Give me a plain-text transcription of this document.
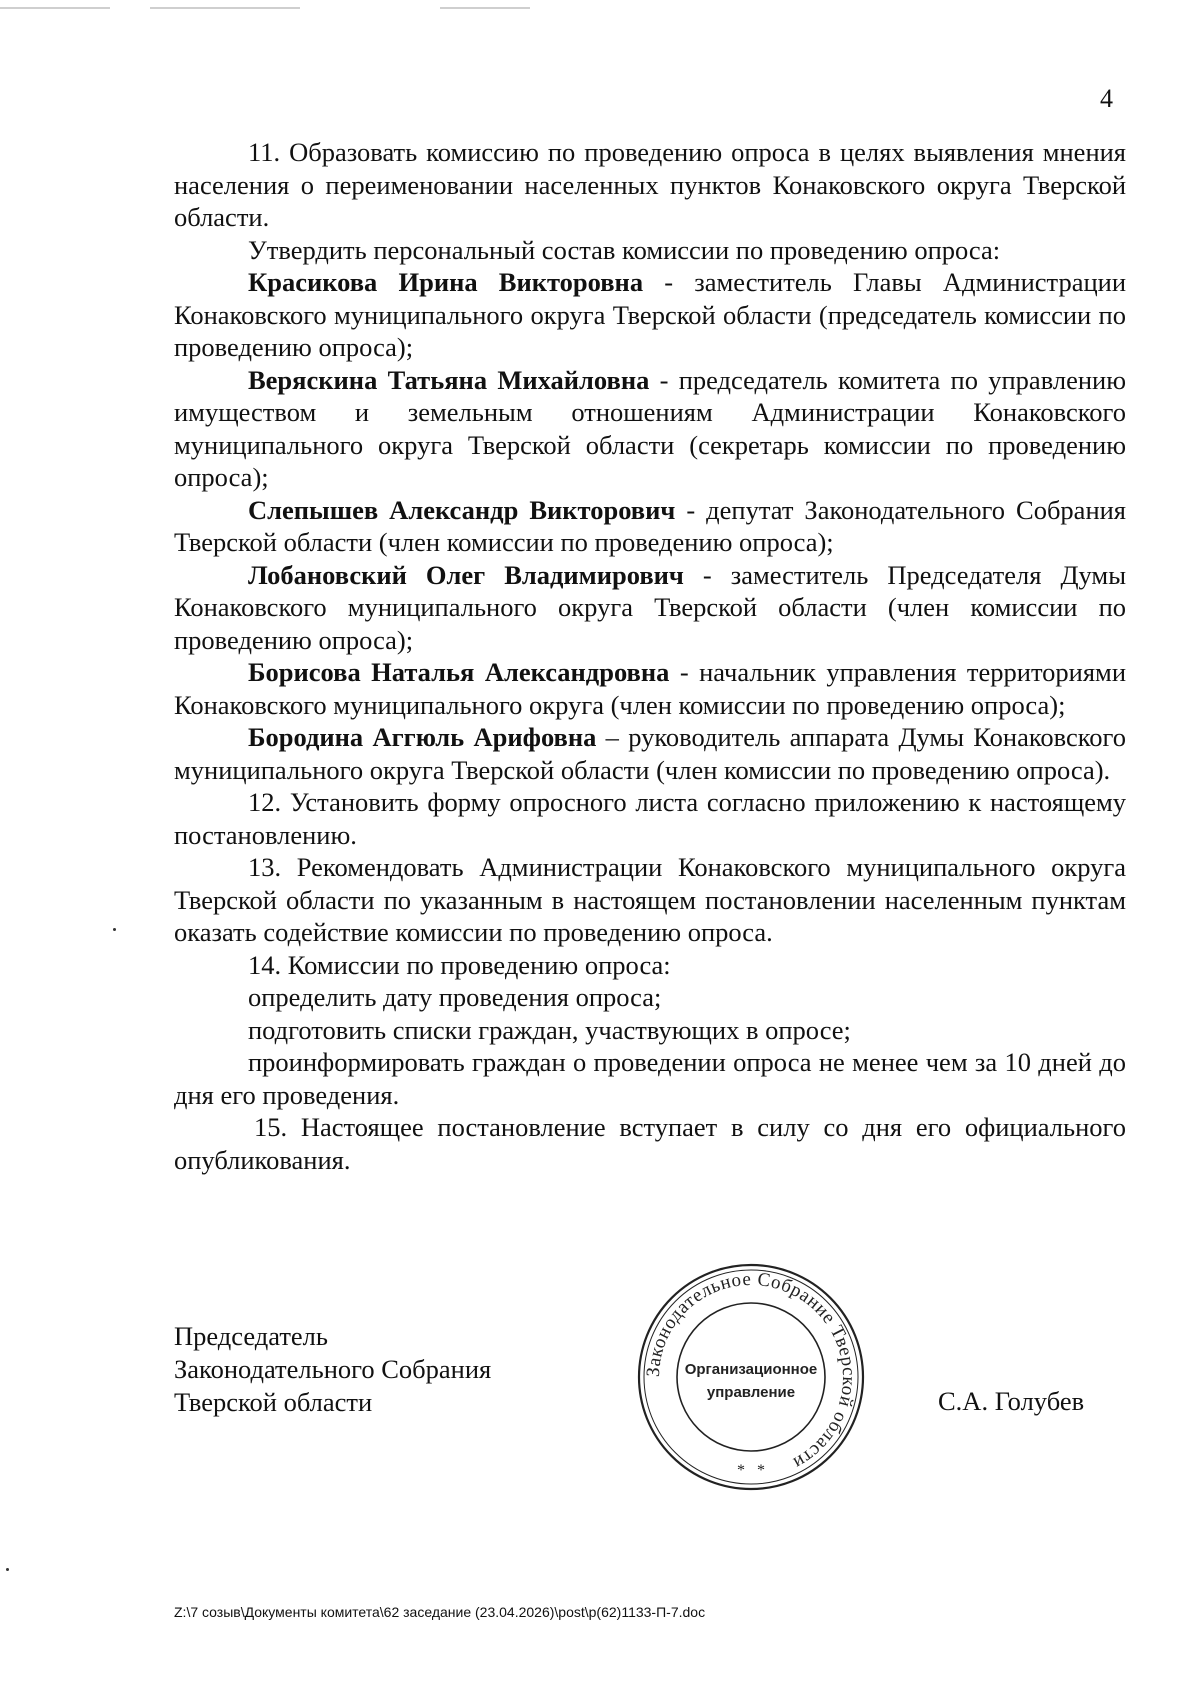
4

11. Образовать комиссию по проведению опроса в целях выявления мнения населения о переименовании населенных пунктов Конаковского округа Тверской области.

Утвердить персональный состав комиссии по проведению опроса:

Красикова Ирина Викторовна - заместитель Главы Администрации Конаковского муниципального округа Тверской области (председатель комиссии по проведению опроса);

Веряскина Татьяна Михайловна - председатель комитета по управлению имуществом и земельным отношениям Администрации Конаковского муниципального округа Тверской области (секретарь комиссии по проведению опроса);

Слепышев Александр Викторович - депутат Законодательного Собрания Тверской области (член комиссии по проведению опроса);

Лобановский Олег Владимирович - заместитель Председателя Думы Конаковского муниципального округа Тверской области (член комиссии по проведению опроса);

Борисова Наталья Александровна - начальник управления территориями Конаковского муниципального округа (член комиссии по проведению опроса);

Бородина Аггюль Арифовна – руководитель аппарата Думы Конаковского муниципального округа Тверской области (член комиссии по проведению опроса).

12. Установить форму опросного листа согласно приложению к настоящему постановлению.

13. Рекомендовать Администрации Конаковского муниципального округа Тверской области по указанным в настоящем постановлении населенным пунктам оказать содействие комиссии по проведению опроса.

14. Комиссии по проведению опроса:

определить дату проведения опроса;

подготовить списки граждан, участвующих в опросе;

проинформировать граждан о проведении опроса не менее чем за 10 дней до дня его проведения.

15. Настоящее постановление вступает в силу со дня его официального опубликования.

Председатель
Законодательного Собрания
Тверской области
Законодательное Собрание Тверской области
Организационное
управление
*   *
С.А. Голубев
Z:\7 созыв\Документы комитета\62 заседание (23.04.2026)\post\p(62)1133-П-7.doc
